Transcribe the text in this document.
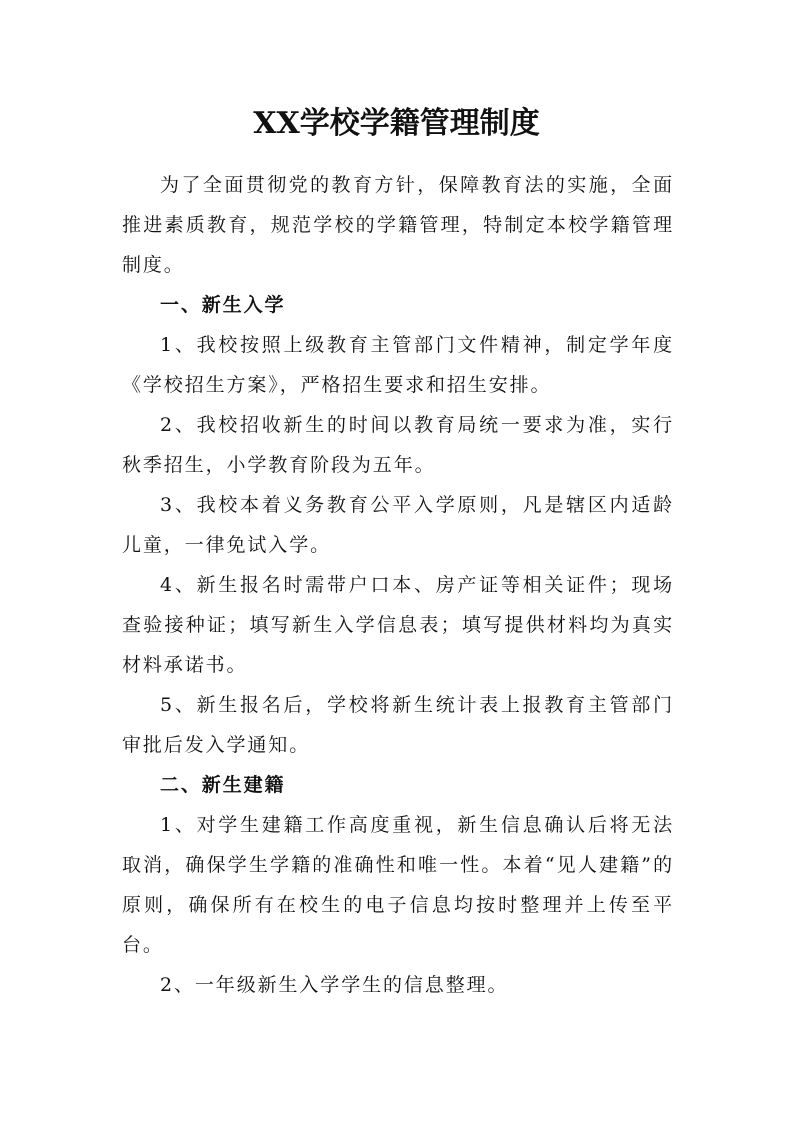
XX学校学籍管理制度

为了全面贯彻党的教育方针，保障教育法的实施，全面推进素质教育，规范学校的学籍管理，特制定本校学籍管理制度。

一、新生入学

1、我校按照上级教育主管部门文件精神，制定学年度《学校招生方案》，严格招生要求和招生安排。

2、我校招收新生的时间以教育局统一要求为准，实行秋季招生，小学教育阶段为五年。

3、我校本着义务教育公平入学原则，凡是辖区内适龄儿童，一律免试入学。

4、新生报名时需带户口本、房产证等相关证件；现场查验接种证；填写新生入学信息表；填写提供材料均为真实材料承诺书。

5、新生报名后，学校将新生统计表上报教育主管部门审批后发入学通知。

二、新生建籍

1、对学生建籍工作高度重视，新生信息确认后将无法取消，确保学生学籍的准确性和唯一性。本着“见人建籍”的原则，确保所有在校生的电子信息均按时整理并上传至平台。

2、一年级新生入学学生的信息整理。
